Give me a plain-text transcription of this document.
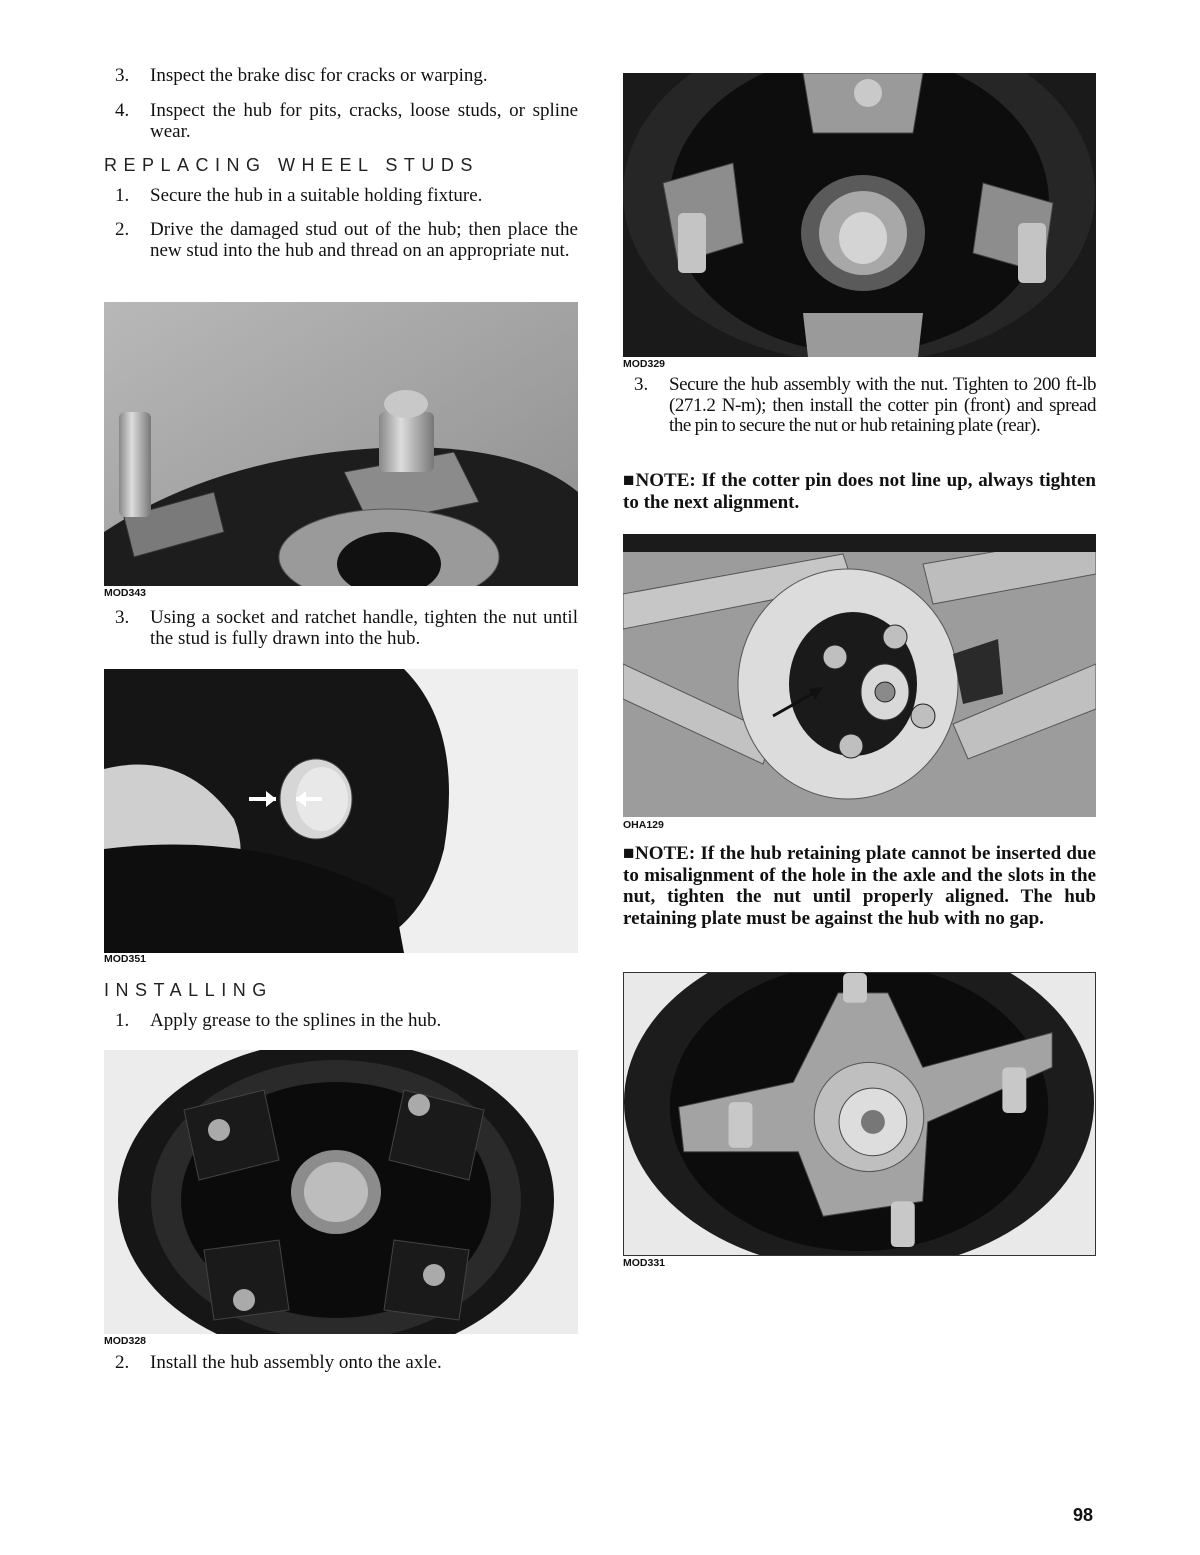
3. Inspect the brake disc for cracks or warping.
4. Inspect the hub for pits, cracks, loose studs, or spline wear.
REPLACING WHEEL STUDS
1. Secure the hub in a suitable holding fixture.
2. Drive the damaged stud out of the hub; then place the new stud into the hub and thread on an appropriate nut.
MOD343
3. Using a socket and ratchet handle, tighten the nut until the stud is fully drawn into the hub.
MOD351
INSTALLING
1. Apply grease to the splines in the hub.
MOD328
2. Install the hub assembly onto the axle.
MOD329
3. Secure the hub assembly with the nut. Tighten to 200 ft-lb (271.2 N-m); then install the cotter pin (front) and spread the pin to secure the nut or hub retaining plate (rear).
■NOTE: If the cotter pin does not line up, always tighten to the next alignment.
OHA129
■NOTE: If the hub retaining plate cannot be inserted due to misalignment of the hole in the axle and the slots in the nut, tighten the nut until properly aligned. The hub retaining plate must be against the hub with no gap.
MOD331
98
